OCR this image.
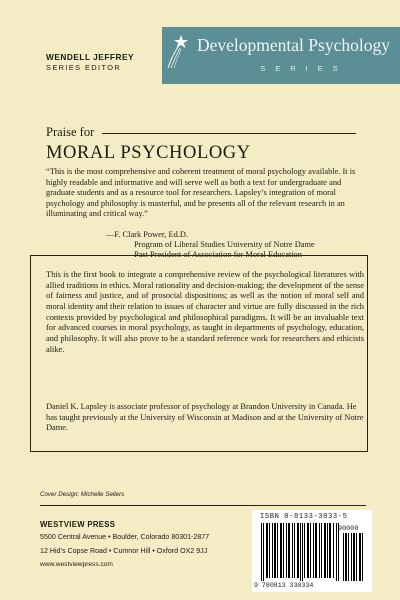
WENDELL JEFFREY
SERIES EDITOR
Developmental Psychology
SERIES
Praise for
MORAL PSYCHOLOGY

“This is the most comprehensive and coherent treatment of moral psychology available. It is highly readable and informative and will serve well as both a text for undergraduate and graduate students and as a resource tool for researchers. Lapsley’s integration of moral psychology and philosophy is masterful, and he presents all of the relevant research in an illuminating and critical way.”

—F. Clark Power, Ed.D.
Program of Liberal Studies University of Notre Dame
Past President of Association for Moral Education

This is the first book to integrate a comprehensive review of the psychological literatures with allied traditions in ethics. Moral rationality and decision-making; the development of the sense of fairness and justice, and of prosocial dispositions; as well as the notion of moral self and moral identity and their relation to issues of character and virtue are fully discussed in the rich contexts provided by psychological and philosophical paradigms. It will be an invaluable text for advanced courses in moral psychology, as taught in departments of psychology, education, and philosophy. It will also prove to be a standard reference work for researchers and ethicists alike.

Daniel K. Lapsley is associate professor of psychology at Brandon University in Canada. He has taught previously at the University of Wisconsin at Madison and at the University of Notre Dame.

Cover Design: Michelle Sellers
WESTVIEW PRESS
5500 Central Avenue • Boulder, Colorado 80301-2877
12 Hid’s Copse Road • Cumnor Hill • Oxford OX2 9JJ
www.westviewpress.com
ISBN 0-8133-3033-5
90000
9 780813 330334
